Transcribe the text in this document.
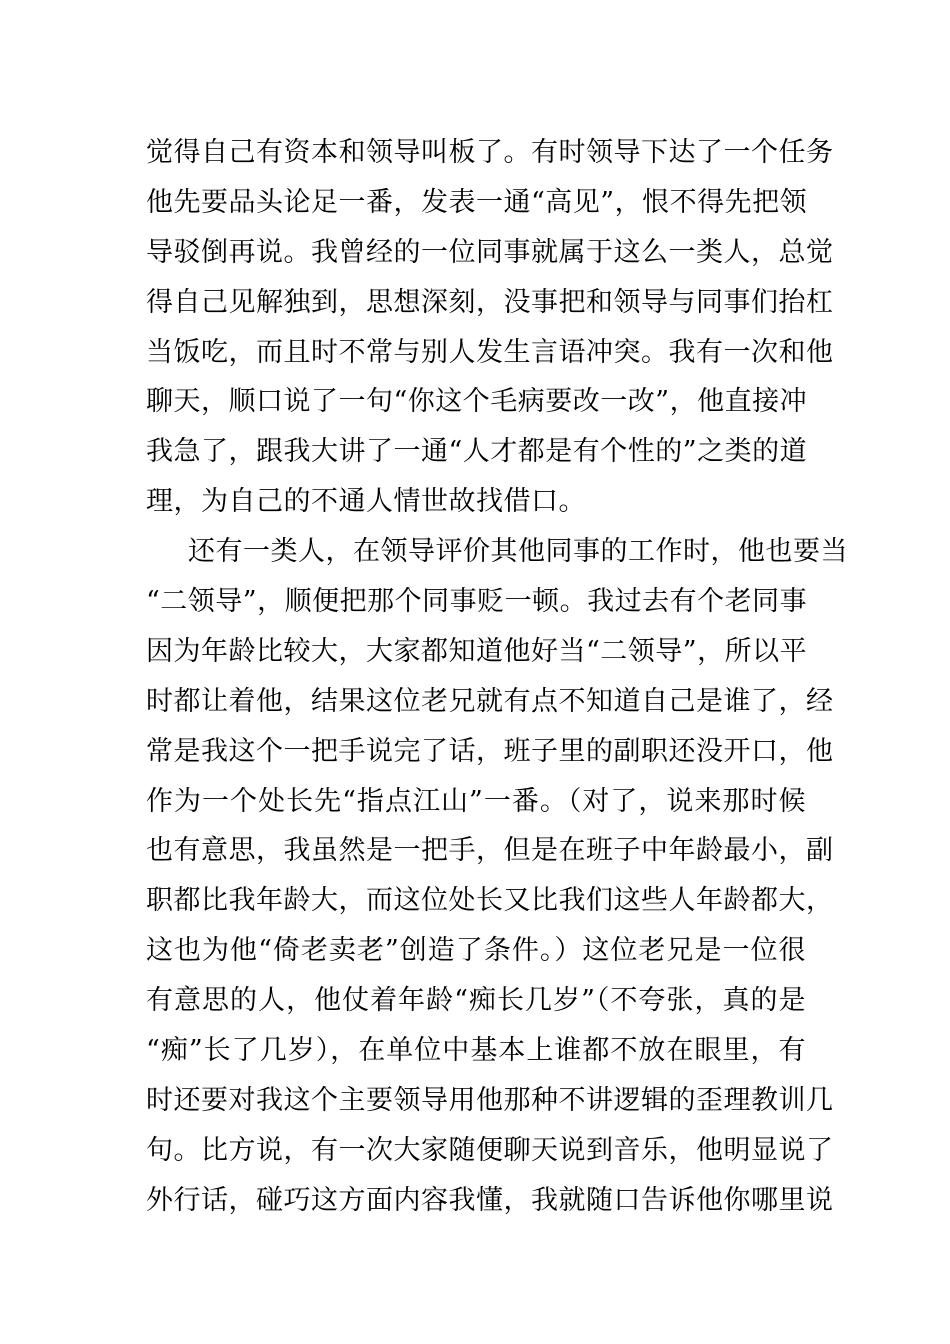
觉得自己有资本和领导叫板了。有时领导下达了一个任务
他先要品头论足一番，发表一通“高见”，恨不得先把领
导驳倒再说。我曾经的一位同事就属于这么一类人，总觉
得自己见解独到，思想深刻，没事把和领导与同事们抬杠
当饭吃，而且时不常与别人发生言语冲突。我有一次和他
聊天，顺口说了一句“你这个毛病要改一改”，他直接冲
我急了，跟我大讲了一通“人才都是有个性的”之类的道
理，为自己的不通人情世故找借口。
还有一类人，在领导评价其他同事的工作时，他也要当
“二领导”，顺便把那个同事贬一顿。我过去有个老同事
因为年龄比较大，大家都知道他好当“二领导”，所以平
时都让着他，结果这位老兄就有点不知道自己是谁了，经
常是我这个一把手说完了话，班子里的副职还没开口，他
作为一个处长先“指点江山”一番。（对了，说来那时候
也有意思，我虽然是一把手，但是在班子中年龄最小，副
职都比我年龄大，而这位处长又比我们这些人年龄都大，
这也为他“倚老卖老”创造了条件。）这位老兄是一位很
有意思的人，他仗着年龄“痴长几岁”（不夸张，真的是
“痴”长了几岁），在单位中基本上谁都不放在眼里，有
时还要对我这个主要领导用他那种不讲逻辑的歪理教训几
句。比方说，有一次大家随便聊天说到音乐，他明显说了
外行话，碰巧这方面内容我懂，我就随口告诉他你哪里说
